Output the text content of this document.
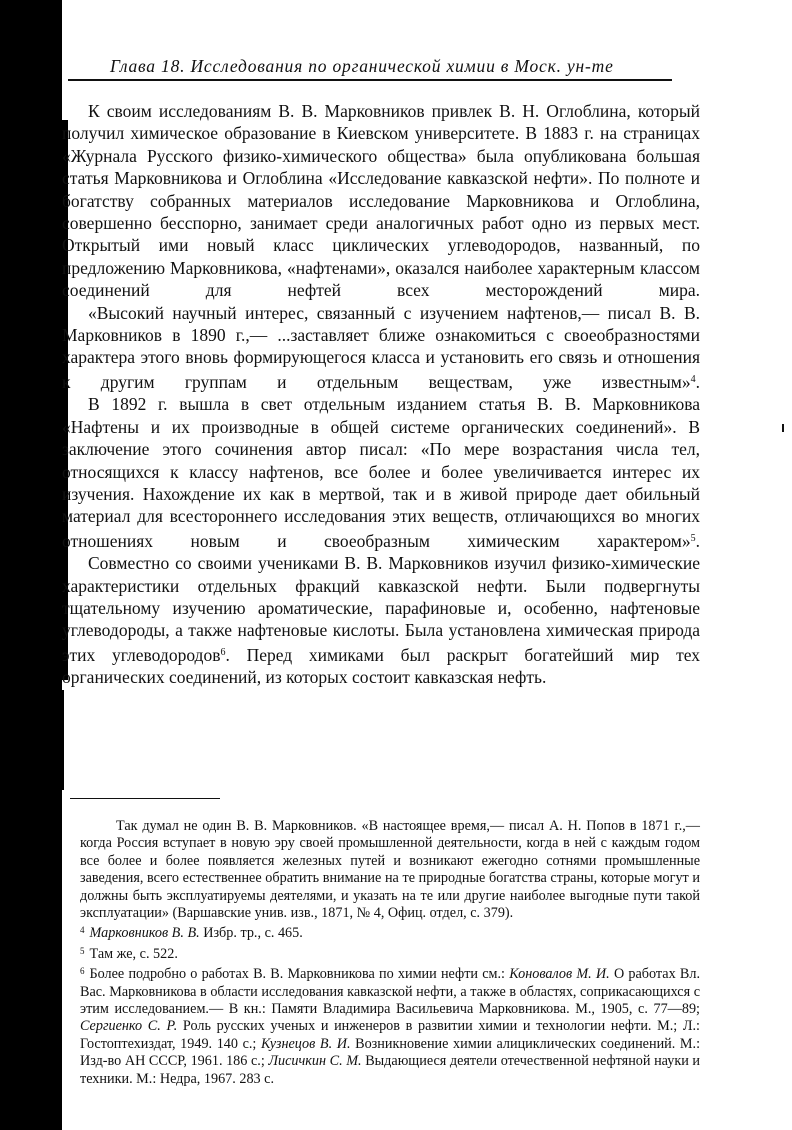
Глава 18. Исследования по органической химии в Моск. ун-те

К своим исследованиям В. В. Марковников привлек В. Н. Оглоблина, который получил химическое образование в Киевском университете. В 1883 г. на страницах «Журнала Русского физико-химического общества» была опубликована большая статья Марковникова и Оглоблина «Исследование кавказской нефти». По полноте и богатству собранных материалов исследование Марковникова и Оглоблина, совершенно бесспорно, занимает среди аналогичных работ одно из первых мест. Открытый ими новый класс циклических углеводородов, названный, по предложению Марковникова, «нафтенами», оказался наиболее характерным классом соединений для нефтей всех месторождений мира.

«Высокий научный интерес, связанный с изучением нафтенов,— писал В. В. Марковников в 1890 г.,— ...заставляет ближе ознакомиться с своеобразностями характера этого вновь формирующегося класса и установить его связь и отношения к другим группам и отдельным веществам, уже известным»$^4$.

В 1892 г. вышла в свет отдельным изданием статья В. В. Марковникова «Нафтены и их производные в общей системе органических соединений». В заключение этого сочинения автор писал: «По мере возрастания числа тел, относящихся к классу нафтенов, все более и более увеличивается интерес их изучения. Нахождение их как в мертвой, так и в живой природе дает обильный материал для всестороннего исследования этих веществ, отличающихся во многих отношениях новым и своеобразным химическим характером»$^5$.

Совместно со своими учениками В. В. Марковников изучил физико-химические характеристики отдельных фракций кавказской нефти. Были подвергнуты тщательному изучению ароматические, парафиновые и, особенно, нафтеновые углеводороды, а также нафтеновые кислоты. Была установлена химическая природа этих углеводородов$^6$. Перед химиками был раскрыт богатейший мир тех органических соединений, из которых состоит кавказская нефть.

Так думал не один В. В. Марковников. «В настоящее время,— писал А. Н. Попов в 1871 г.,— когда Россия вступает в новую эру своей промышленной деятельности, когда в ней с каждым годом все более и более появляется железных путей и возникают ежегодно сотнями промышленные заведения, всего естественнее обратить внимание на те природные богатства страны, которые могут и должны быть эксплуатируемы деятелями, и указать на те или другие наиболее выгодные пути такой эксплуатации» (Варшавские унив. изв., 1871, № 4, Офиц. отдел, с. 379).

$^4$ Марковников В. В. Избр. тр., с. 465.

$^5$ Там же, с. 522.

$^6$ Более подробно о работах В. В. Марковникова по химии нефти см.: Коновалов М. И. О работах Вл. Вас. Марковникова в области исследования кавказской нефти, а также в областях, соприкасающихся с этим исследованием.— В кн.: Памяти Владимира Васильевича Марковникова. М., 1905, с. 77—89; Сергиенко С. Р. Роль русских ученых и инженеров в развитии химии и технологии нефти. М.; Л.: Гостоптехиздат, 1949. 140 с.; Кузнецов В. И. Возникновение химии алициклических соединений. М.: Изд-во АН СССР, 1961. 186 с.; Лисичкин С. М. Выдающиеся деятели отечественной нефтяной науки и техники. М.: Недра, 1967. 283 с.
